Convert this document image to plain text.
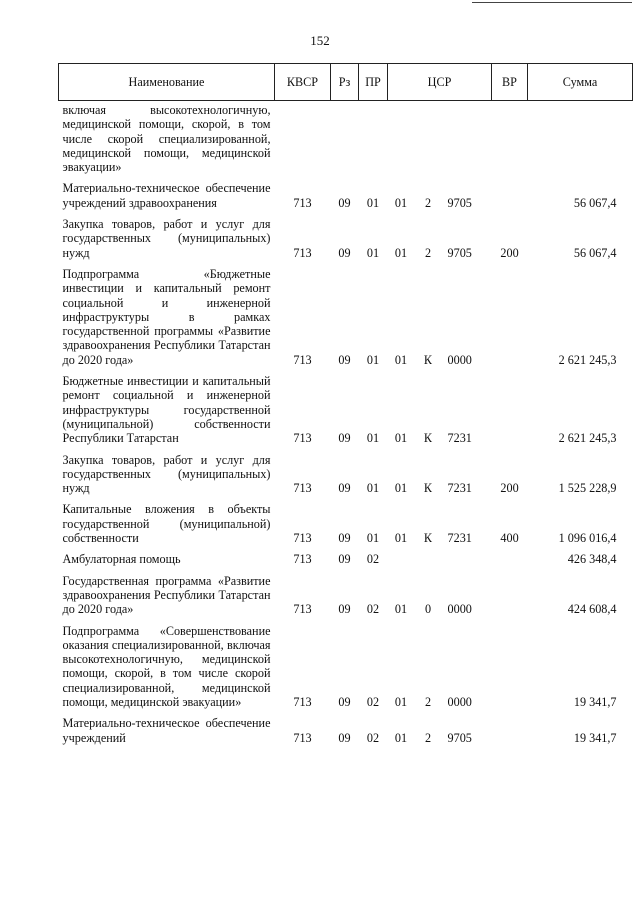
152
Наименование	КВСР	Рз	ПР	ЦСР			ВР	Сумма
включая высокотехнологичную, медицинской помощи, скорой, в том числе скорой специализированной, медицинской помощи, медицинской эвакуации»								
Материально-техническое обеспечение учреждений здравоохранения	713	09	01	01	2	9705		56 067,4
Закупка товаров, работ и услуг для государственных (муниципальных) нужд	713	09	01	01	2	9705	200	56 067,4
Подпрограмма «Бюджетные инвестиции и капитальный ремонт социальной и инженерной инфраструктуры в рамках государственной программы «Развитие здравоохранения Республики Татарстан до 2020 года»	713	09	01	01	К	0000		2 621 245,3
Бюджетные инвестиции и капитальный ремонт социальной и инженерной инфраструктуры государственной (муниципальной) собственности Республики Татарстан	713	09	01	01	К	7231		2 621 245,3
Закупка товаров, работ и услуг для государственных (муниципальных) нужд	713	09	01	01	К	7231	200	1 525 228,9
Капитальные вложения в объекты государственной (муниципальной) собственности	713	09	01	01	К	7231	400	1 096 016,4
Амбулаторная помощь	713	09	02					426 348,4
Государственная программа «Развитие здравоохранения Республики Татарстан до 2020 года»	713	09	02	01	0	0000		424 608,4
Подпрограмма «Совершенствование оказания специализированной, включая высокотехнологичную, медицинской помощи, скорой, в том числе скорой специализированной, медицинской помощи, медицинской эвакуации»	713	09	02	01	2	0000		19 341,7
Материально-техническое обеспечение учреждений	713	09	02	01	2	9705		19 341,7
